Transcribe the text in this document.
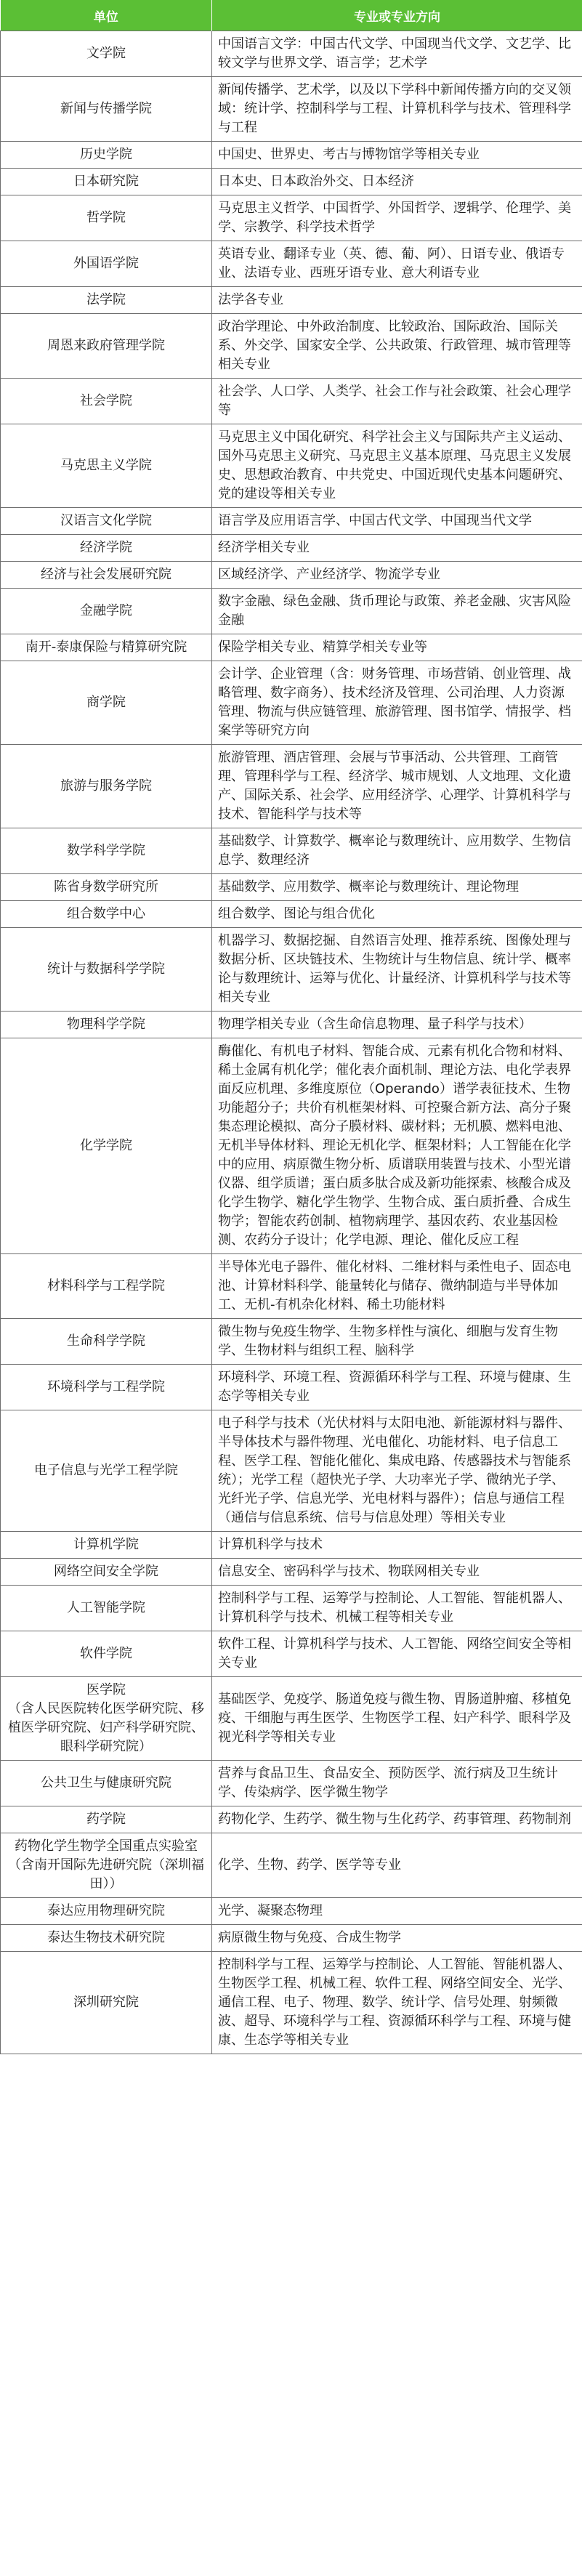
单位	专业或专业方向
文学院	中国语言文学：中国古代文学、中国现当代文学、文艺学、比较文学与世界文学、语言学；艺术学
新闻与传播学院	新闻传播学、艺术学，以及以下学科中新闻传播方向的交叉领域：统计学、控制科学与工程、计算机科学与技术、管理科学与工程
历史学院	中国史、世界史、考古与博物馆学等相关专业
日本研究院	日本史、日本政治外交、日本经济
哲学院	马克思主义哲学、中国哲学、外国哲学、逻辑学、伦理学、美学、宗教学、科学技术哲学
外国语学院	英语专业、翻译专业（英、德、葡、阿）、日语专业、俄语专业、法语专业、西班牙语专业、意大利语专业
法学院	法学各专业
周恩来政府管理学院	政治学理论、中外政治制度、比较政治、国际政治、国际关系、外交学、国家安全学、公共政策、行政管理、城市管理等相关专业
社会学院	社会学、人口学、人类学、社会工作与社会政策、社会心理学等
马克思主义学院	马克思主义中国化研究、科学社会主义与国际共产主义运动、国外马克思主义研究、马克思主义基本原理、马克思主义发展史、思想政治教育、中共党史、中国近现代史基本问题研究、党的建设等相关专业
汉语言文化学院	语言学及应用语言学、中国古代文学、中国现当代文学
经济学院	经济学相关专业
经济与社会发展研究院	区域经济学、产业经济学、物流学专业
金融学院	数字金融、绿色金融、货币理论与政策、养老金融、灾害风险金融
南开-泰康保险与精算研究院	保险学相关专业、精算学相关专业等
商学院	会计学、企业管理（含：财务管理、市场营销、创业管理、战略管理、数字商务）、技术经济及管理、公司治理、人力资源管理、物流与供应链管理、旅游管理、图书馆学、情报学、档案学等研究方向
旅游与服务学院	旅游管理、酒店管理、会展与节事活动、公共管理、工商管理、管理科学与工程、经济学、城市规划、人文地理、文化遗产、国际关系、社会学、应用经济学、心理学、计算机科学与技术、智能科学与技术等
数学科学学院	基础数学、计算数学、概率论与数理统计、应用数学、生物信息学、数理经济
陈省身数学研究所	基础数学、应用数学、概率论与数理统计、理论物理
组合数学中心	组合数学、图论与组合优化
统计与数据科学学院	机器学习、数据挖掘、自然语言处理、推荐系统、图像处理与数据分析、区块链技术、生物统计与生物信息、统计学、概率论与数理统计、运筹与优化、计量经济、计算机科学与技术等相关专业
物理科学学院	物理学相关专业（含生命信息物理、量子科学与技术）
化学学院	酶催化、有机电子材料、智能合成、元素有机化合物和材料、稀土金属有机化学；催化表介面机制、理论方法、电化学表界面反应机理、多维度原位（Operando）谱学表征技术、生物功能超分子；共价有机框架材料、可控聚合新方法、高分子聚集态理论模拟、高分子膜材料、碳材料；无机膜、燃料电池、无机半导体材料、理论无机化学、框架材料；人工智能在化学中的应用、病原微生物分析、质谱联用装置与技术、小型光谱仪器、组学质谱；蛋白质多肽合成及新功能探索、核酸合成及化学生物学、糖化学生物学、生物合成、蛋白质折叠、合成生物学；智能农药创制、植物病理学、基因农药、农业基因检测、农药分子设计；化学电源、理论、催化反应工程
材料科学与工程学院	半导体光电子器件、催化材料、二维材料与柔性电子、固态电池、计算材料科学、能量转化与储存、微纳制造与半导体加工、无机-有机杂化材料、稀土功能材料
生命科学学院	微生物与免疫生物学、生物多样性与演化、细胞与发育生物学、生物材料与组织工程、脑科学
环境科学与工程学院	环境科学、环境工程、资源循环科学与工程、环境与健康、生态学等相关专业
电子信息与光学工程学院	电子科学与技术（光伏材料与太阳电池、新能源材料与器件、半导体技术与器件物理、光电催化、功能材料、电子信息工程、医学工程、智能化催化、集成电路、传感器技术与智能系统）；光学工程（超快光子学、大功率光子学、微纳光子学、光纤光子学、信息光学、光电材料与器件）；信息与通信工程（通信与信息系统、信号与信息处理）等相关专业
计算机学院	计算机科学与技术
网络空间安全学院	信息安全、密码科学与技术、物联网相关专业
人工智能学院	控制科学与工程、运筹学与控制论、人工智能、智能机器人、计算机科学与技术、机械工程等相关专业
软件学院	软件工程、计算机科学与技术、人工智能、网络空间安全等相关专业
医学院
（含人民医院转化医学研究院、移植医学研究院、妇产科学研究院、眼科学研究院）	基础医学、免疫学、肠道免疫与微生物、胃肠道肿瘤、移植免疫、干细胞与再生医学、生物医学工程、妇产科学、眼科学及视光科学等相关专业
公共卫生与健康研究院	营养与食品卫生、食品安全、预防医学、流行病及卫生统计学、传染病学、医学微生物学
药学院	药物化学、生药学、微生物与生化药学、药事管理、药物制剂
药物化学生物学全国重点实验室
（含南开国际先进研究院（深圳福田））	化学、生物、药学、医学等专业
泰达应用物理研究院	光学、凝聚态物理
泰达生物技术研究院	病原微生物与免疫、合成生物学
深圳研究院	控制科学与工程、运筹学与控制论、人工智能、智能机器人、生物医学工程、机械工程、软件工程、网络空间安全、光学、通信工程、电子、物理、数学、统计学、信号处理、射频微波、超导、环境科学与工程、资源循环科学与工程、环境与健康、生态学等相关专业
